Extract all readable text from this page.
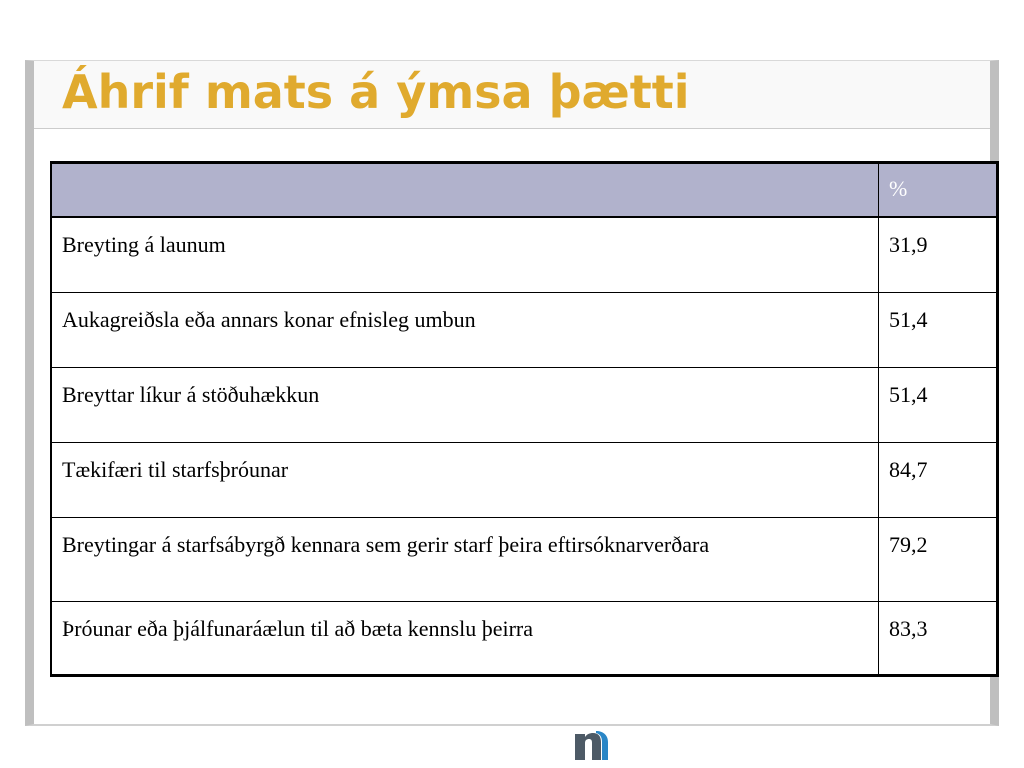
Áhrif mats á ýmsa þætti
	%
Breyting á launum	31,9
Aukagreiðsla eða annars konar efnisleg umbun	51,4
Breyttar líkur á stöðuhækkun	51,4
Tækifæri til starfsþróunar	84,7
Breytingar á starfsábyrgð kennara sem gerir starf þeira eftirsóknarverðara	79,2
Þróunar eða þjálfunaráælun til að bæta kennslu þeirra	83,3
